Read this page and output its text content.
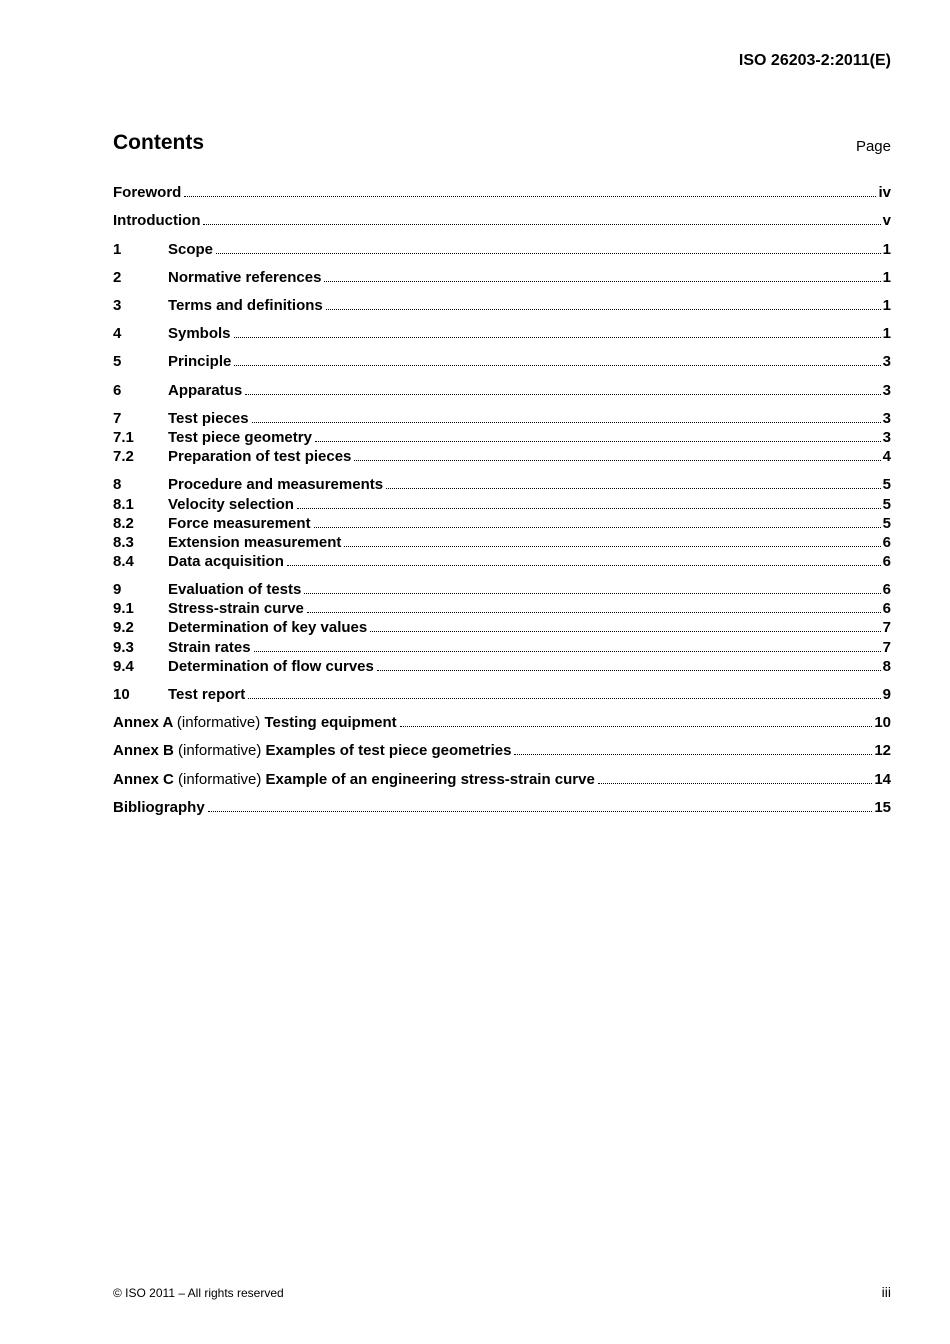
ISO 26203-2:2011(E)
Contents	Page
Foreword	iv
Introduction	v
1	Scope	1
2	Normative references	1
3	Terms and definitions	1
4	Symbols	1
5	Principle	3
6	Apparatus	3
7	Test pieces	3
7.1	Test piece geometry	3
7.2	Preparation of test pieces	4
8	Procedure and measurements	5
8.1	Velocity selection	5
8.2	Force measurement	5
8.3	Extension measurement	6
8.4	Data acquisition	6
9	Evaluation of tests	6
9.1	Stress-strain curve	6
9.2	Determination of key values	7
9.3	Strain rates	7
9.4	Determination of flow curves	8
10	Test report	9
Annex A (informative) Testing equipment	10
Annex B (informative) Examples of test piece geometries	12
Annex C (informative) Example of an engineering stress-strain curve	14
Bibliography	15
© ISO 2011 – All rights reserved	iii
